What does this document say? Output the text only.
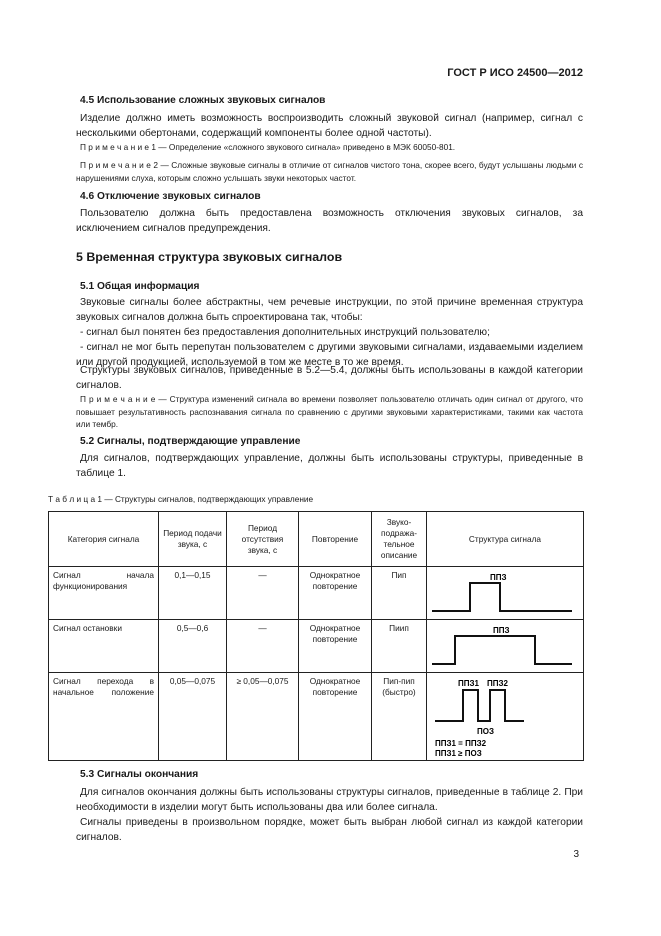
ГОСТ Р ИСО 24500—2012
4.5 Использование сложных звуковых сигналов
Изделие должно иметь возможность воспроизводить сложный звуковой сигнал (например, сигнал с несколькими обертонами, содержащий компоненты более одной частоты).
П р и м е ч а н и е 1 — Определение «сложного звукового сигнала» приведено в МЭК 60050-801.
П р и м е ч а н и е 2 — Сложные звуковые сигналы в отличие от сигналов чистого тона, скорее всего, будут услышаны людьми с нарушениями слуха, которым сложно услышать звуки некоторых частот.
4.6 Отключение звуковых сигналов
Пользователю должна быть предоставлена возможность отключения звуковых сигналов, за исключением сигналов предупреждения.
5 Временная структура звуковых сигналов
5.1 Общая информация
Звуковые сигналы более абстрактны, чем речевые инструкции, по этой причине временная структура звуковых сигналов должна быть спроектирована так, чтобы:
- сигнал был понятен без предоставления дополнительных инструкций пользователю;
- сигнал не мог быть перепутан пользователем с другими звуковыми сигналами, издаваемыми изделием или другой продукцией, используемой в том же месте в то же время.
Структуры звуковых сигналов, приведенные в 5.2—5.4, должны быть использованы в каждой категории сигналов.
П р и м е ч а н и е — Структура изменений сигнала во времени позволяет пользователю отличать один сигнал от другого, что повышает результативность распознавания сигнала по сравнению с другими звуковыми характеристиками, такими как частота или тембр.
5.2 Сигналы, подтверждающие управление
Для сигналов, подтверждающих управление, должны быть использованы структуры, приведенные в таблице 1.
Т а б л и ц а 1 — Структуры сигналов, подтверждающих управление
Категория сигнала	Период подачи звука, с	Период отсутствия звука, с	Повторение	Звуко-подража-тельное описание	Структура сигнала
Сигнал начала функционирования	0,1—0,15	—	Однократное повторение	Пип	ППЗ

Сигнал остановки	0,5—0,6	—	Однократное повторение	Пиип	ППЗ

Сигнал перехода в начальное положение	0,05—0,075	≥ 0,05—0,075	Однократное повторение	Пип-пип (быстро)	ППЗ1 ППЗ2
ПОЗ
ППЗ1 = ППЗ2
ППЗ1 ≥ ПОЗ
5.3 Сигналы окончания
Для сигналов окончания должны быть использованы структуры сигналов, приведенные в таблице 2. При необходимости в изделии могут быть использованы два или более сигнала.
Сигналы приведены в произвольном порядке, может быть выбран любой сигнал из каждой категории сигналов.
3
